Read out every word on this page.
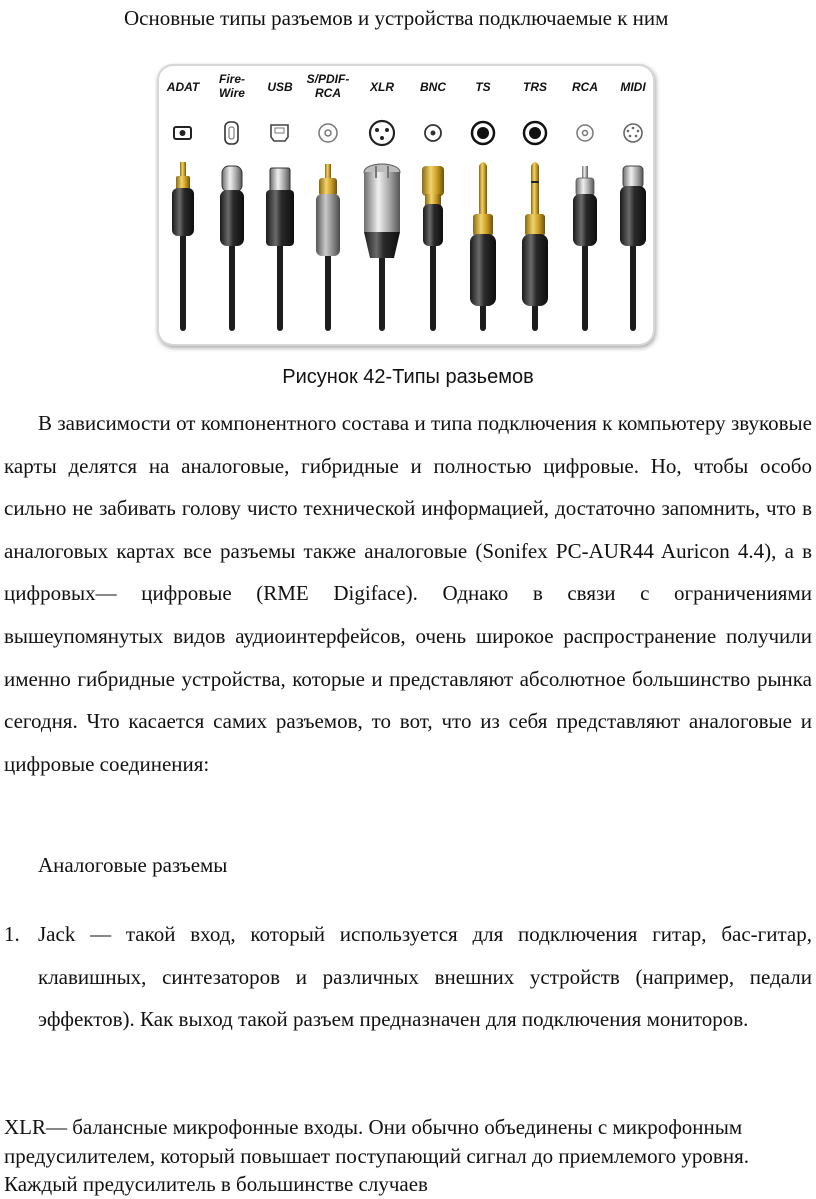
Основные типы разъемов и устройства подключаемые к ним
ADAT
Fire-
Wire USB
S/PDIF-
RCA XLR BNC TS	TRS RCA MIDI
Рисунок 42-Типы разьемов

В зависимости от компонентного состава и типа подключения к компьютеру звуковые карты делятся на аналоговые, гибридные и полностью цифровые. Но, чтобы особо сильно не забивать голову чисто технической информацией, достаточно запомнить, что в аналоговых картах все разъемы также аналоговые (Sonifex PC-AUR44 Auricon 4.4), а в цифровых— цифровые (RME Digiface). Однако в связи с ограничениями вышеупомянутых видов аудиоинтерфейсов, очень широкое распространение получили именно гибридные устройства, которые и представляют абсолютное большинство рынка сегодня. Что касается самих разъемов, то вот, что из себя представляют аналоговые и цифровые соединения:

Аналоговые разъемы
1. Jack — такой вход, который используется для подключения гитар, бас-гитар, клавишных, синтезаторов и различных внешних устройств (например, педали эффектов). Как выход такой разъем предназначен для подключения мониторов.

XLR— балансные микрофонные входы. Они обычно объединены с микрофонным предусилителем, который повышает поступающий сигнал до приемлемого уровня. Каждый предусилитель в большинстве случаев
